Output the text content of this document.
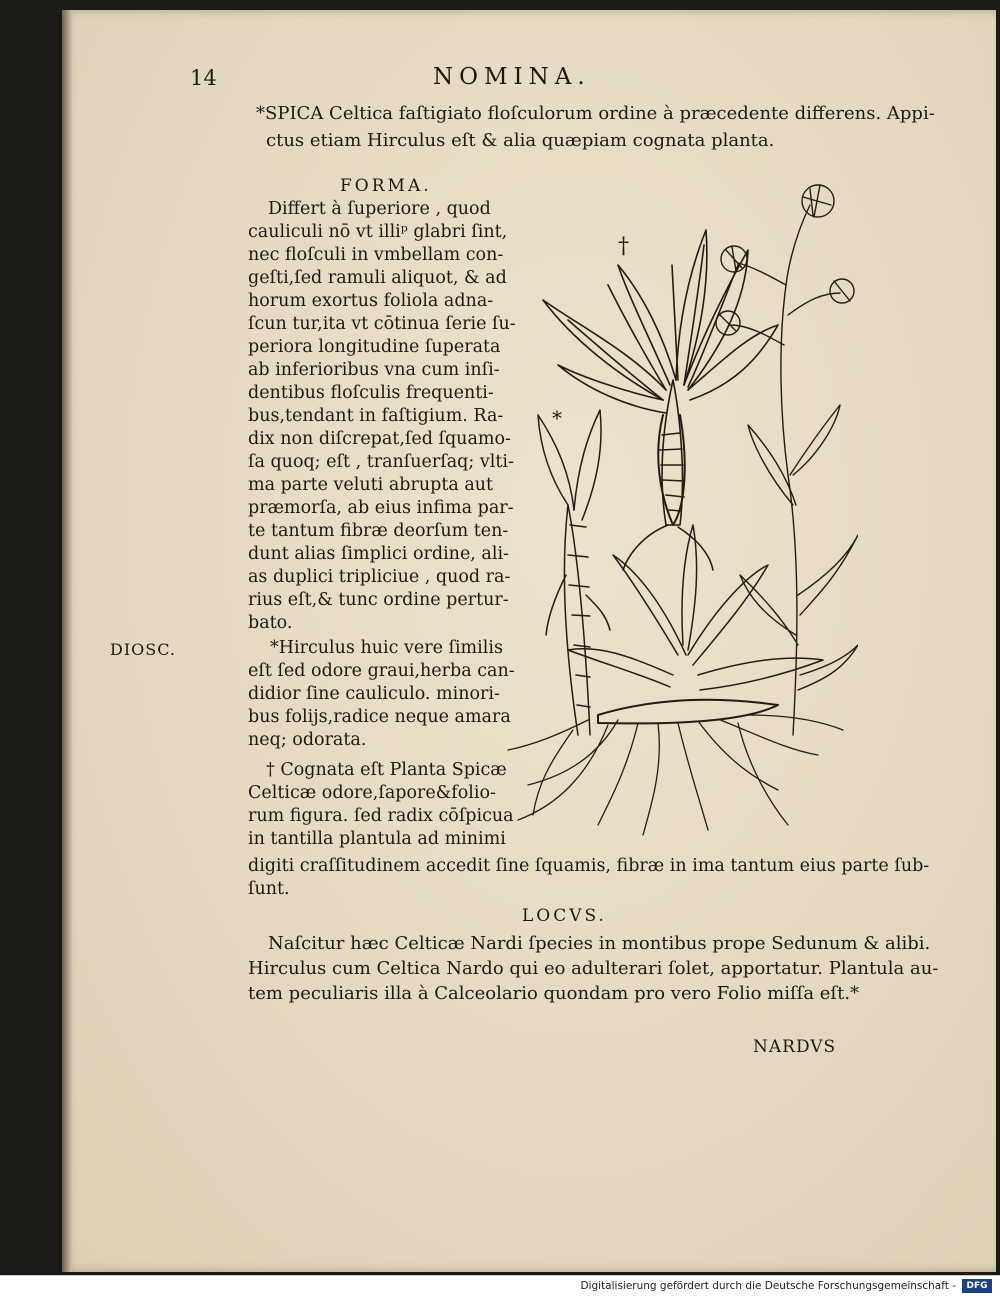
14	NOMINA.
*SPICA Celtica faſtigiato floſculorum ordine à præcedente differens. Appi-
ctus etiam Hirculus eſt & alia quæpiam cognata planta.
FORMA.
Differt à ſuperiore , quod
cauliculi nō vt illiᵖ glabri ſint,
nec floſculi in vmbellam con-
geſti,ſed ramuli aliquot, & ad
horum exortus foliola adna-
ſcun tur,ita vt cōtinua ſerie ſu-
periora longitudine ſuperata
ab inferioribus vna cum inſi-
dentibus floſculis frequenti-
bus,tendant in faſtigium. Ra-
dix non diſcrepat,ſed ſquamo-
ſa quoq; eſt , tranſuerſaq; vlti-
ma parte veluti abrupta aut
præmorſa, ab eius infima par-
te tantum fibræ deorſum ten-
dunt alias ſimplici ordine, ali-
as duplici tripliciue , quod ra-
rius eſt,& tunc ordine pertur-
bato.
DIOSC.	*Hirculus huic vere ſimilis
eſt ſed odore graui,herba can-
didior ſine cauliculo. minori-
bus folijs,radice neque amara
neq; odorata.
† Cognata eſt Planta Spicæ
Celticæ odore,ſapore&folio-
rum figura. ſed radix cōſpicua
in tantilla plantula ad minimi
digiti craſſitudinem accedit ſine ſquamis, fibræ in ima tantum eius parte ſub-
ſunt.
LOCVS.
Naſcitur hæc Celticæ Nardi ſpecies in montibus prope Sedunum & alibi.
Hirculus cum Celtica Nardo qui eo adulterari ſolet, apportatur. Plantula au-
tem peculiaris illa à Calceolario quondam pro vero Folio miſſa eſt.*
NARDVS
†
*
Digitalisierung gefördert durch die Deutsche Forschungsgemeinschaft -	DFG
